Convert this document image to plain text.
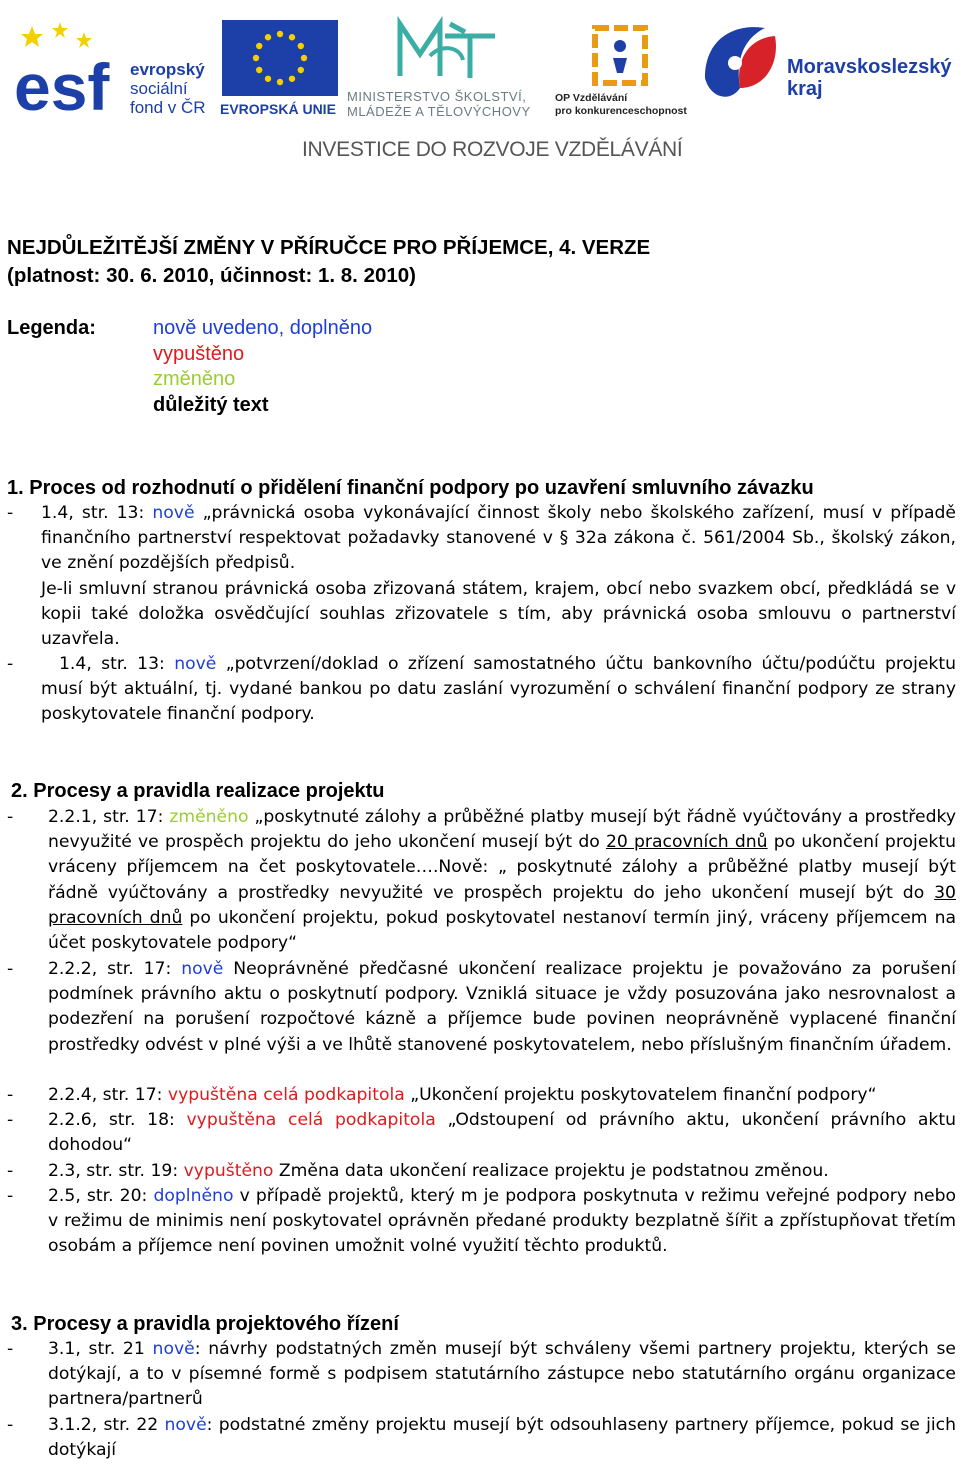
esf evropský
sociální
fond v ČR EVROPSKÁ UNIE
MINISTERSTVO ŠKOLSTVÍ,
MLÁDEŽE A TĚLOVÝCHOVY
OP Vzdělávání
pro konkurenceschopnost
Moravskoslezský
kraj
INVESTICE DO ROZVOJE VZDĚLÁVÁNÍ
NEJDŮLEŽITĚJŠÍ ZMĚNY V PŘÍRUČCE PRO PŘÍJEMCE, 4. VERZE
(platnost: 30. 6. 2010, účinnost: 1. 8. 2010)
Legenda:	nově uvedeno, doplněno
vypuštěno
změněno
důležitý text
1. Proces od rozhodnutí o přidělení finanční podpory po uzavření smluvního závazku
- 1.4, str. 13: nově „právnická osoba vykonávající činnost školy nebo školského zařízení, musí v případě finančního partnerství respektovat požadavky stanovené v § 32a zákona č. 561/2004 Sb., školský zákon, ve znění pozdějších předpisů.

Je-li smluvní stranou právnická osoba zřizovaná státem, krajem, obcí nebo svazkem obcí, předkládá se v kopii také doložka osvědčující souhlas zřizovatele s tím, aby právnická osoba smlouvu o partnerství uzavřela.

-	1.4, str. 13: nově „potvrzení/doklad o zřízení samostatného účtu bankovního účtu/podúčtu projektu musí být aktuální, tj. vydané bankou po datu zaslání vyrozumění o schválení finanční podpory ze strany poskytovatele finanční podpory.

2. Procesy a pravidla realizace projektu
- 2.2.1, str. 17: změněno „poskytnuté zálohy a průběžné platby musejí být řádně vyúčtovány a prostředky nevyužité ve prospěch projektu do jeho ukončení musejí být do 20 pracovních dnů po ukončení projektu vráceny příjemcem na čet poskytovatele….Nově: „ poskytnuté zálohy a průběžné platby musejí být řádně vyúčtovány a prostředky nevyužité ve prospěch projektu do jeho ukončení musejí být do 30 pracovních dnů po ukončení projektu, pokud poskytovatel nestanoví termín jiný, vráceny příjemcem na účet poskytovatele podpory“

- 2.2.2, str. 17: nově Neoprávněné předčasné ukončení realizace projektu je považováno za porušení podmínek právního aktu o poskytnutí podpory. Vzniklá situace je vždy posuzována jako nesrovnalost a podezření na porušení rozpočtové kázně a příjemce bude povinen neoprávněně vyplacené finanční prostředky odvést v plné výši a ve lhůtě stanovené poskytovatelem, nebo příslušným finančním úřadem.

- 2.2.4, str. 17: vypuštěna celá podkapitola „Ukončení projektu poskytovatelem finanční podpory“

- 2.2.6, str. 18: vypuštěna celá podkapitola „Odstoupení od právního aktu, ukončení právního aktu dohodou“

- 2.3, str. str. 19: vypuštěno Změna data ukončení realizace projektu je podstatnou změnou.

- 2.5, str. 20: doplněno v případě projektů, který m je podpora poskytnuta v režimu veřejné podpory nebo v režimu de minimis není poskytovatel oprávněn předané produkty bezplatně šířit a zpřístupňovat třetím osobám a příjemce není povinen umožnit volné využití těchto produktů.

3. Procesy a pravidla projektového řízení
- 3.1, str. 21 nově: návrhy podstatných změn musejí být schváleny všemi partnery projektu, kterých se dotýkají, a to v písemné formě s podpisem statutárního zástupce nebo statutárního orgánu organizace partnera/partnerů

- 3.1.2, str. 22 nově: podstatné změny projektu musejí být odsouhlaseny partnery příjemce, pokud se jich dotýkají
